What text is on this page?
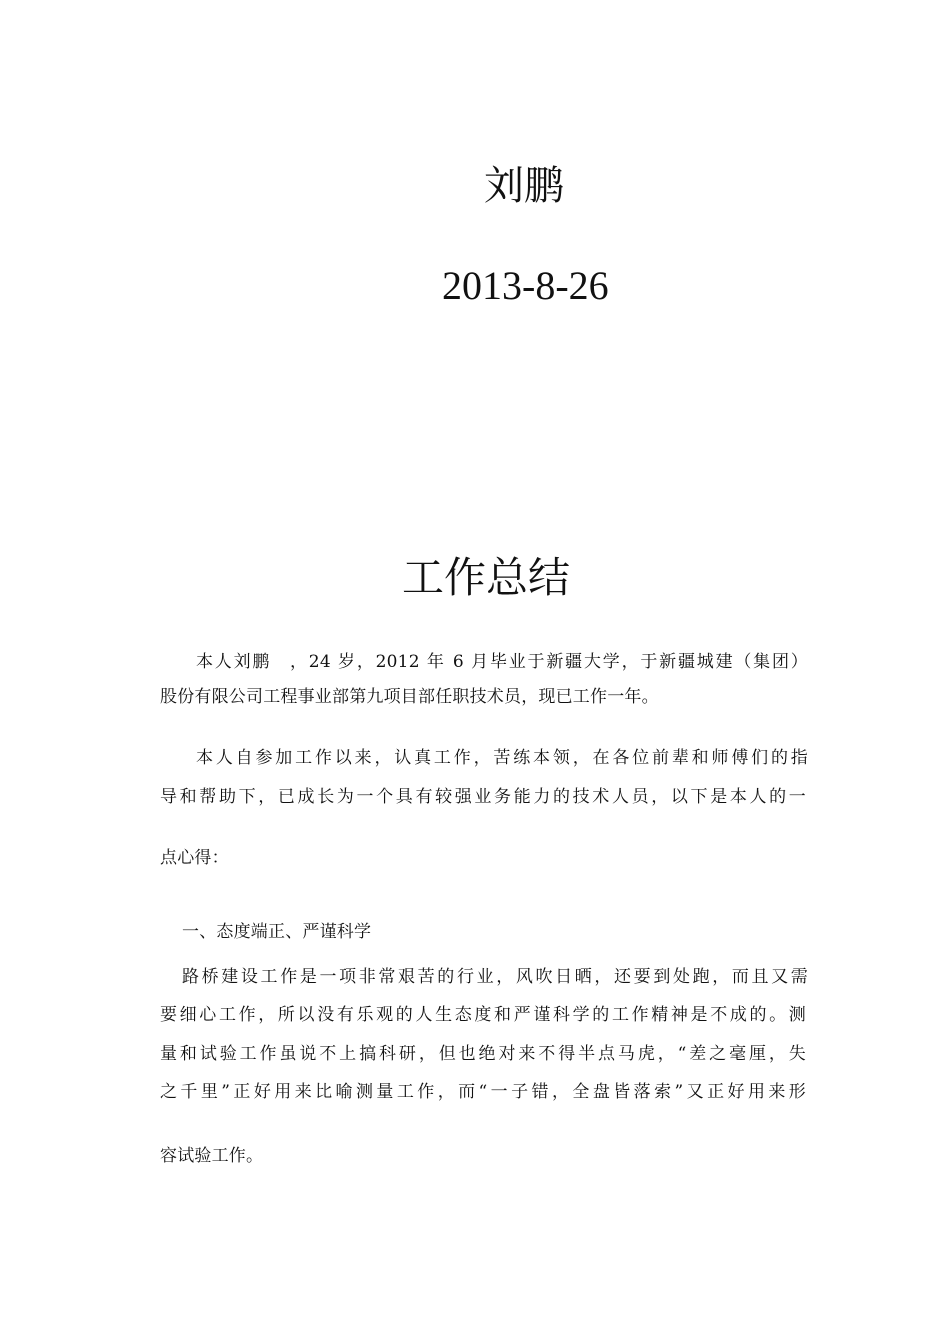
刘鹏
2013-8-26
工作总结
本人刘鹏　，24 岁，2012 年 6 月毕业于新疆大学，于新疆城建（集团）
股份有限公司工程事业部第九项目部任职技术员，现已工作一年。
本人自参加工作以来，认真工作，苦练本领，在各位前辈和师傅们的指
导和帮助下，已成长为一个具有较强业务能力的技术人员，以下是本人的一
点心得：
一、态度端正、严谨科学
路桥建设工作是一项非常艰苦的行业，风吹日晒，还要到处跑，而且又需
要细心工作，所以没有乐观的人生态度和严谨科学的工作精神是不成的。测
量和试验工作虽说不上搞科研，但也绝对来不得半点马虎，“差之毫厘，失
之千里”正好用来比喻测量工作，而“一子错，全盘皆落索”又正好用来形
容试验工作。
